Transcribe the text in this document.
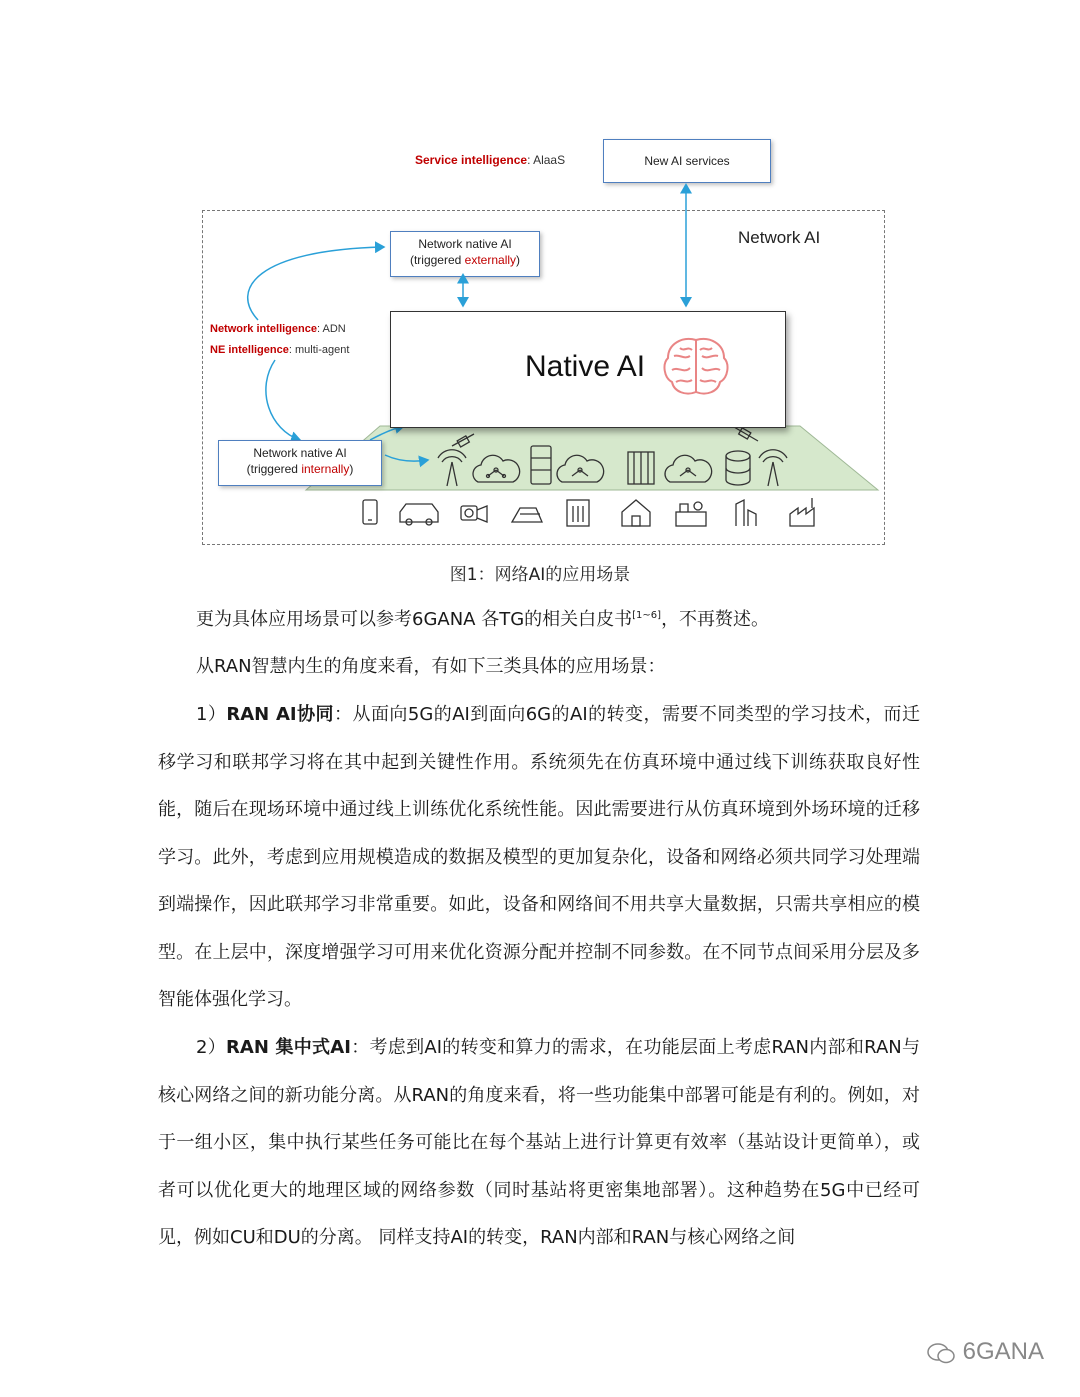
Service intelligence: AlaaS	New AI services
Network AI
Network native AI
(triggered externally)
Network intelligence: ADN
NE intelligence: multi-agent	Native AI
Network native AI
(triggered internally)
图1：网络AI的应用场景
更为具体应用场景可以参考6GANA 各TG的相关白皮书[1~6]，不再赘述。
从RAN智慧内生的角度来看，有如下三类具体的应用场景：
1）RAN AI协同：从面向5G的AI到面向6G的AI的转变，需要不同类型的学习技术，而迁移学习和联邦学习将在其中起到关键性作用。系统须先在仿真环境中通过线下训练获取良好性能，随后在现场环境中通过线上训练优化系统性能。因此需要进行从仿真环境到外场环境的迁移学习。此外，考虑到应用规模造成的数据及模型的更加复杂化，设备和网络必须共同学习处理端到端操作，因此联邦学习非常重要。如此，设备和网络间不用共享大量数据，只需共享相应的模型。在上层中，深度增强学习可用来优化资源分配并控制不同参数。在不同节点间采用分层及多智能体强化学习。
2）RAN 集中式AI：考虑到AI的转变和算力的需求，在功能层面上考虑RAN内部和RAN与核心网络之间的新功能分离。从RAN的角度来看，将一些功能集中部署可能是有利的。例如，对于一组小区，集中执行某些任务可能比在每个基站上进行计算更有效率（基站设计更简单），或者可以优化更大的地理区域的网络参数（同时基站将更密集地部署）。这种趋势在5G中已经可见，例如CU和DU的分离。 同样支持AI的转变，RAN内部和RAN与核心网络之间
6GANA
